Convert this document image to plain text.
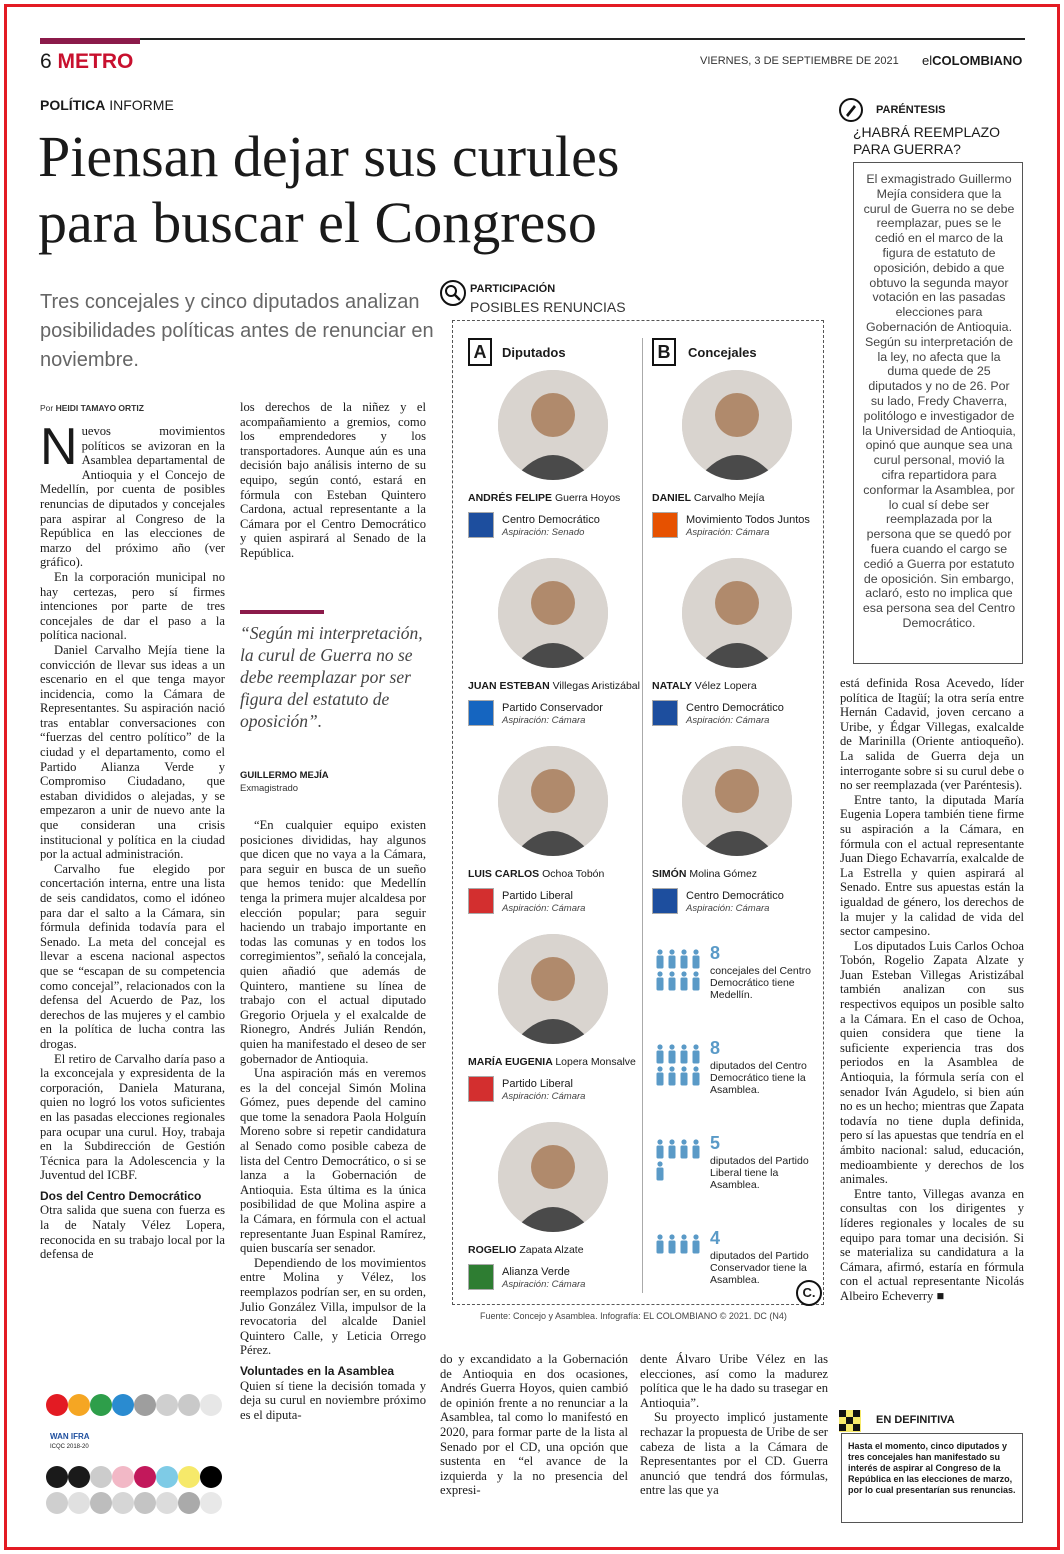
6 METRO	VIERNES, 3 DE SEPTIEMBRE DE 2021 elCOLOMBIANO
POLÍTICA INFORME
Piensan dejar sus curules
para buscar el Congreso
Tres concejales y cinco diputados analizan posibilidades políticas antes de renunciar en noviembre.
Por HEIDI TAMAYO ORTIZ

Nuevos movimientos políticos se avizoran en la Asamblea departamental de Antioquia y el Concejo de Medellín, por cuenta de posibles renuncias de diputados y concejales para aspirar al Congreso de la República en las elecciones de marzo del próximo año (ver gráfico).

En la corporación municipal no hay certezas, pero sí firmes intenciones por parte de tres concejales de dar el paso a la política nacional.

Daniel Carvalho Mejía tiene la convicción de llevar sus ideas a un escenario en el que tenga mayor incidencia, como la Cámara de Representantes. Su aspiración nació tras entablar conversaciones con “fuerzas del centro político” de la ciudad y el departamento, como el Partido Alianza Verde y Compromiso Ciudadano, que estaban divididos o alejadas, y se empezaron a unir de nuevo ante la que consideran una crisis institucional y política en la ciudad por la actual administración.

Carvalho fue elegido por concertación interna, entre una lista de seis candidatos, como el idóneo para dar el salto a la Cámara, sin fórmula definida todavía para el Senado. La meta del concejal es llevar a escena nacional aspectos que se “escapan de su competencia como concejal”, relacionados con la defensa del Acuerdo de Paz, los derechos de las mujeres y el cambio en la política de lucha contra las drogas.

El retiro de Carvalho daría paso a la exconcejala y expresidenta de la corporación, Daniela Maturana, quien no logró los votos suficientes en las pasadas elecciones regionales para ocupar una curul. Hoy, trabaja en la Subdirección de Gestión Técnica para la Adolescencia y la Juventud del ICBF.

Dos del Centro Democrático

Otra salida que suena con fuerza es la de Nataly Vélez Lopera, reconocida en su trabajo local por la defensa de

los derechos de la niñez y el acompañamiento a gremios, como los emprendedores y los transportadores. Aunque aún es una decisión bajo análisis interno de su equipo, según contó, estará en fórmula con Esteban Quintero Cardona, actual representante a la Cámara por el Centro Democrático y quien aspirará al Senado de la República.

“Según mi interpretación, la curul de Guerra no se debe reemplazar por ser figura del estatuto de oposición”.
GUILLERMO MEJÍA
Exmagistrado

“En cualquier equipo existen posiciones divididas, hay algunos que dicen que no vaya a la Cámara, para seguir en busca de un sueño que hemos tenido: que Medellín tenga la primera mujer alcaldesa por elección popular; para seguir haciendo un trabajo importante en todas las comunas y en todos los corregimientos”, señaló la concejala, quien añadió que además de Quintero, mantiene su línea de trabajo con el actual diputado Gregorio Orjuela y el exalcalde de Rionegro, Andrés Julián Rendón, quien ha manifestado el deseo de ser gobernador de Antioquia.

Una aspiración más en veremos es la del concejal Simón Molina Gómez, pues depende del camino que tome la senadora Paola Holguín Moreno sobre si repetir candidatura al Senado como posible cabeza de lista del Centro Democrático, o si se lanza a la Gobernación de Antioquia. Esta última es la única posibilidad de que Molina aspire a la Cámara, en fórmula con el actual representante Juan Espinal Ramírez, quien buscaría ser senador.

Dependiendo de los movimientos entre Molina y Vélez, los reemplazos podrían ser, en su orden, Julio González Villa, impulsor de la revocatoria del alcalde Daniel Quintero Calle, y Leticia Orrego Pérez.

Voluntades en la Asamblea

Quien sí tiene la decisión tomada y deja su curul en noviembre próximo es el diputa-

do y excandidato a la Gobernación de Antioquia en dos ocasiones, Andrés Guerra Hoyos, quien cambió de opinión frente a no renunciar a la Asamblea, tal como lo manifestó en 2020, para formar parte de la lista al Senado por el CD, una opción que sustenta en “el avance de la izquierda y la no presencia del expresi-

dente Álvaro Uribe Vélez en las elecciones, así como la madurez política que le ha dado su trasegar en Antioquia”.

Su proyecto implicó justamente rechazar la propuesta de Uribe de ser cabeza de lista a la Cámara de Representantes por el CD. Guerra anunció que tendrá dos fórmulas, entre las que ya

está definida Rosa Acevedo, líder política de Itagüí; la otra sería entre Hernán Cadavid, joven cercano a Uribe, y Édgar Villegas, exalcalde de Marinilla (Oriente antioqueño). La salida de Guerra deja un interrogante sobre si su curul debe o no ser reemplazada (ver Paréntesis).

Entre tanto, la diputada María Eugenia Lopera también tiene firme su aspiración a la Cámara, en fórmula con el actual representante Juan Diego Echavarría, exalcalde de La Estrella y quien aspirará al Senado. Entre sus apuestas están la igualdad de género, los derechos de la mujer y la calidad de vida del sector campesino.

Los diputados Luis Carlos Ochoa Tobón, Rogelio Zapata Alzate y Juan Esteban Villegas Aristizábal también analizan con sus respectivos equipos un posible salto a la Cámara. En el caso de Ochoa, quien considera que tiene la suficiente experiencia tras dos periodos en la Asamblea de Antioquia, la fórmula sería con el senador Iván Agudelo, si bien aún no es un hecho; mientras que Zapata todavía no tiene dupla definida, pero sí las apuestas que tendría en el ámbito nacional: salud, educación, medioambiente y derechos de los animales.

Entre tanto, Villegas avanza en consultas con los dirigentes y líderes regionales y locales de su equipo para tomar una decisión. Si se materializa su candidatura a la Cámara, afirmó, estaría en fórmula con el actual representante Nicolás Albeiro Echeverry ■

PARTICIPACIÓN
POSIBLES RENUNCIAS
A	Diputados	B	Concejales
ANDRÉS FELIPE Guerra Hoyos
Centro Democrático
Aspiración: Senado
JUAN ESTEBAN Villegas Aristizábal
Partido Conservador
Aspiración: Cámara
LUIS CARLOS Ochoa Tobón
Partido Liberal
Aspiración: Cámara
MARÍA EUGENIA Lopera Monsalve
Partido Liberal
Aspiración: Cámara
ROGELIO Zapata Alzate
Alianza Verde
Aspiración: Cámara
DANIEL Carvalho Mejía
Movimiento Todos Juntos
Aspiración: Cámara
NATALY Vélez Lopera
Centro Democrático
Aspiración: Cámara
SIMÓN Molina Gómez
Centro Democrático
Aspiración: Cámara
8
concejales del Centro Democrático tiene Medellín.
8
diputados del Centro Democrático tiene la Asamblea.
5
diputados del Partido Liberal tiene la Asamblea.
4
diputados del Partido Conservador tiene la Asamblea.
C.
Fuente: Concejo y Asamblea. Infografía: EL COLOMBIANO © 2021. DC (N4)
PARÉNTESIS
¿HABRÁ REEMPLAZO PARA GUERRA?
El exmagistrado Guillermo Mejía considera que la curul de Guerra no se debe reemplazar, pues se le cedió en el marco de la figura de estatuto de oposición, debido a que obtuvo la segunda mayor votación en las pasadas elecciones para Gobernación de Antioquia. Según su interpretación de la ley, no afecta que la duma quede de 25 diputados y no de 26. Por su lado, Fredy Chaverra, politólogo e investigador de la Universidad de Antioquia, opinó que aunque sea una curul personal, movió la cifra repartidora para conformar la Asamblea, por lo cual sí debe ser reemplazada por la persona que se quedó por fuera cuando el cargo se cedió a Guerra por estatuto de oposición. Sin embargo, aclaró, esto no implica que esa persona sea del Centro Democrático.
EN DEFINITIVA
Hasta el momento, cinco diputados y tres concejales han manifestado su interés de aspirar al Congreso de la República en las elecciones de marzo, por lo cual presentarían sus renuncias.
WAN IFRA
ICQC 2018-20
